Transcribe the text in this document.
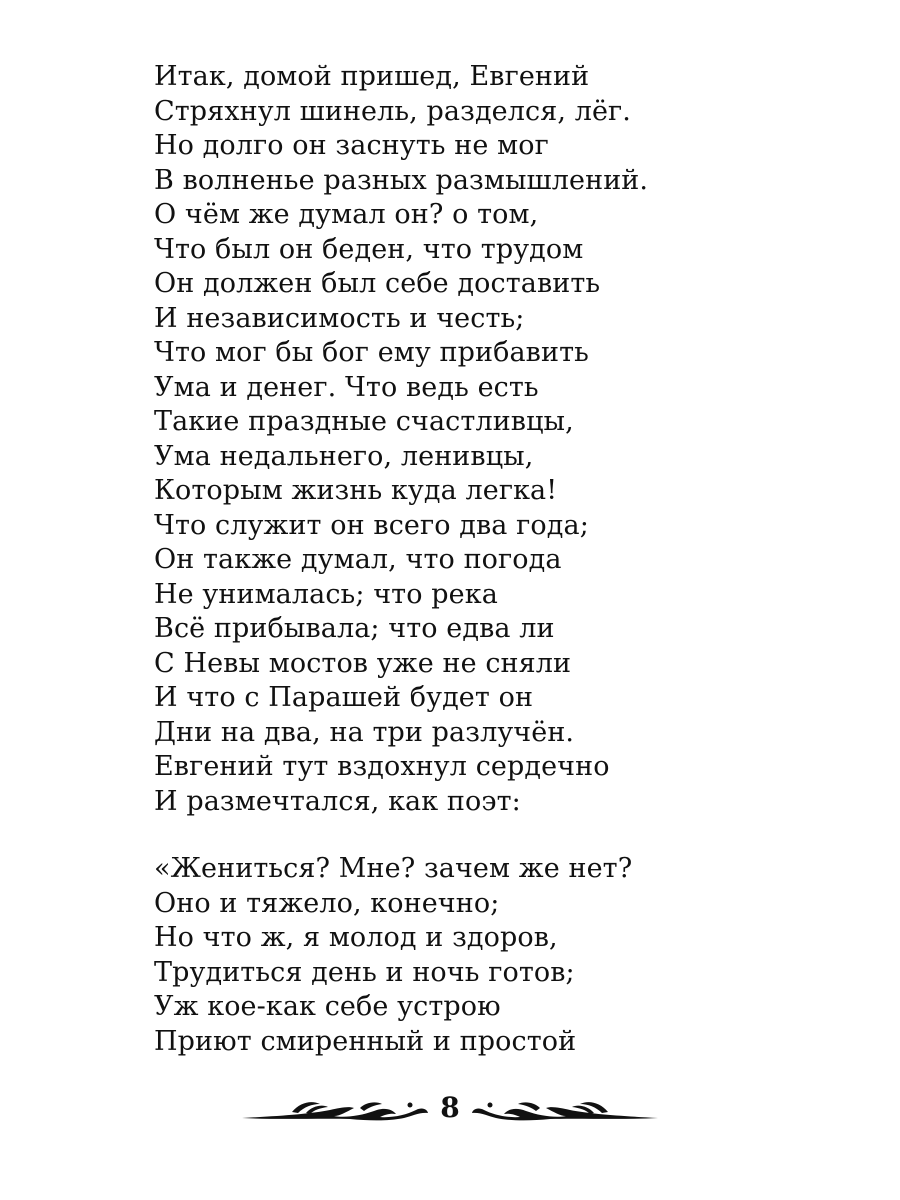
Итак, домой пришед, Евгений
Стряхнул шинель, разделся, лёг.
Но долго он заснуть не мог
В волненье разных размышлений.
О чём же думал он? о том,
Что был он беден, что трудом
Он должен был себе доставить
И независимость и честь;
Что мог бы бог ему прибавить
Ума и денег. Что ведь есть
Такие праздные счастливцы,
Ума недальнего, ленивцы,
Которым жизнь куда легка!
Что служит он всего два года;
Он также думал, что погода
Не унималась; что река
Всё прибывала; что едва ли
С Невы мостов уже не сняли
И что с Парашей будет он
Дни на два, на три разлучён.
Евгений тут вздохнул сердечно
И размечтался, как поэт:
«Жениться? Мне? зачем же нет?
Оно и тяжело, конечно;
Но что ж, я молод и здоров,
Трудиться день и ночь готов;
Уж кое-как себе устрою
Приют смиренный и простой
8
